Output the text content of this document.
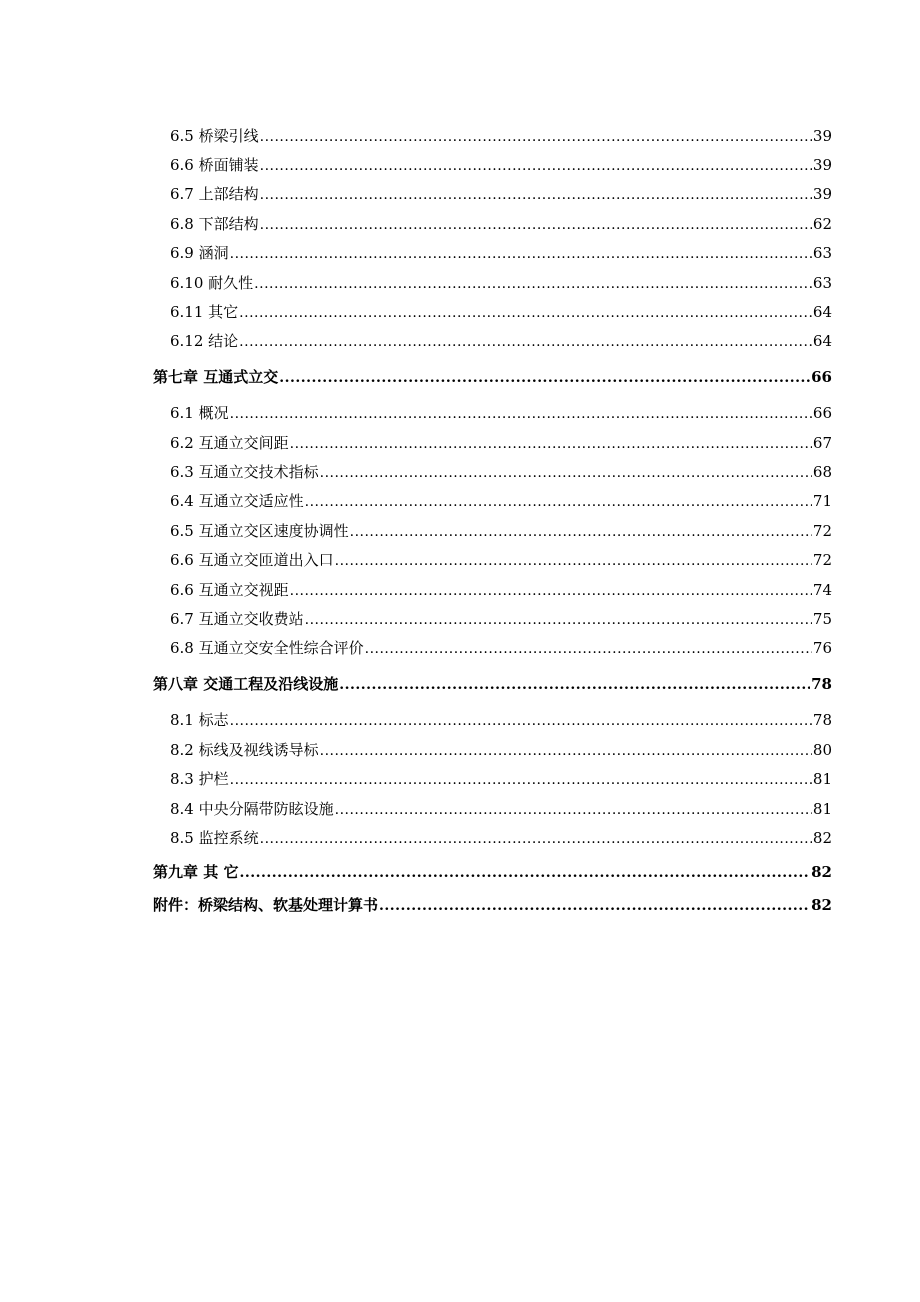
6.5 桥梁引线 .....	39
6.6 桥面铺装 .....	39
6.7 上部结构 .....	39
6.8 下部结构 .....	62
6.9 涵洞 .....	63
6.10 耐久性 .....	63
6.11 其它 .....	64
6.12 结论 .....	64
第七章 互通式立交 .....	66
6.1 概况 .....	66
6.2 互通立交间距 .....	67
6.3 互通立交技术指标 .....	68
6.4 互通立交适应性 .....	71
6.5 互通立交区速度协调性 .....	72
6.6 互通立交匝道出入口 .....	72
6.6 互通立交视距 .....	74
6.7 互通立交收费站 .....	75
6.8 互通立交安全性综合评价 .....	76
第八章 交通工程及沿线设施 .....	78
8.1 标志 .....	78
8.2 标线及视线诱导标 .....	80
8.3 护栏 .....	81
8.4 中央分隔带防眩设施 .....	81
8.5 监控系统 .....	82
第九章 其 它 .....	82
附件：桥梁结构、软基处理计算书 .....	82
